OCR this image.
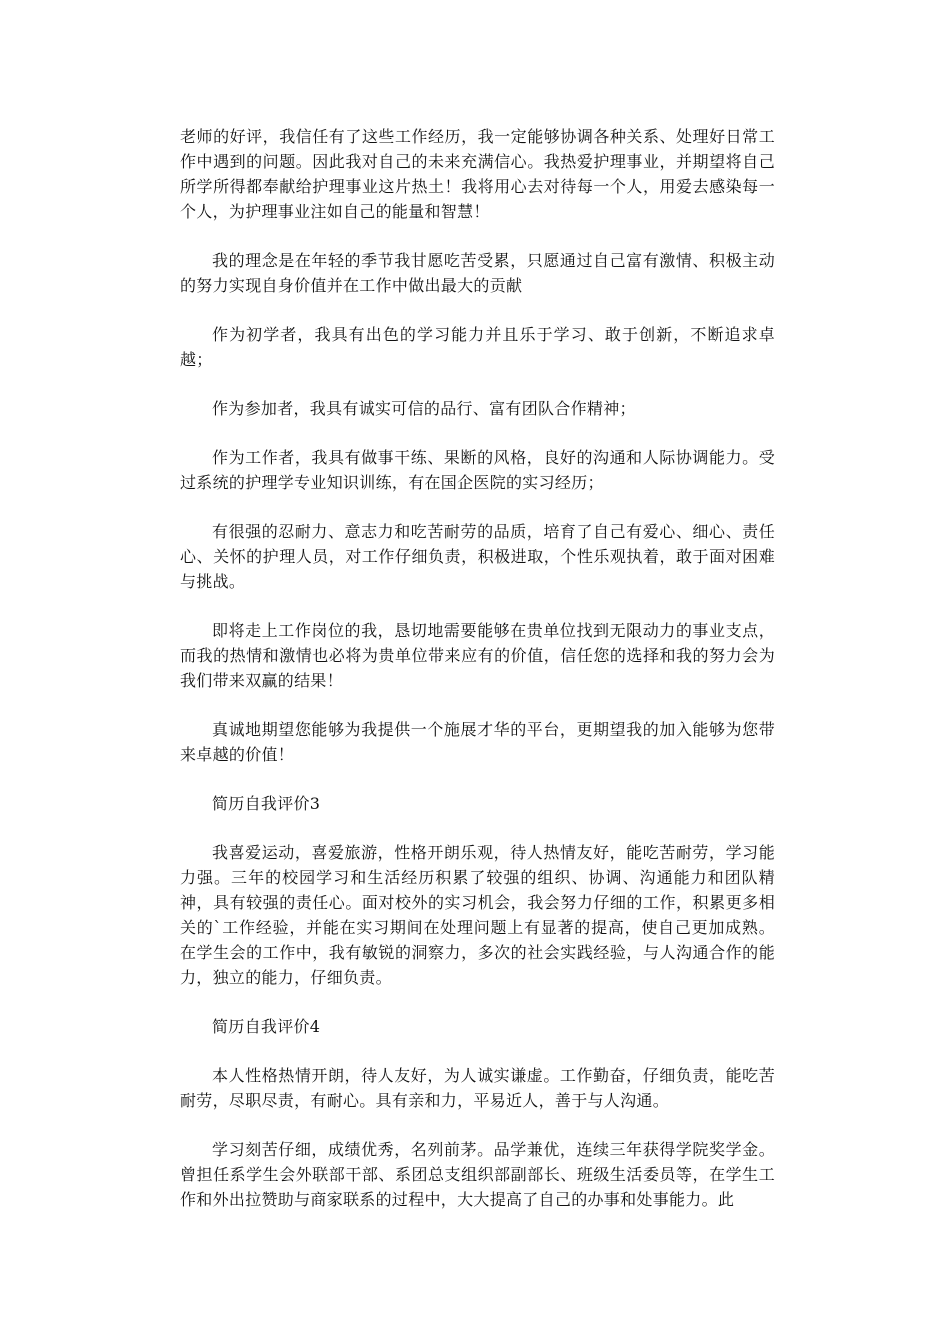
老师的好评，我信任有了这些工作经历，我一定能够协调各种关系、处理好日常工作中遇到的问题。因此我对自己的未来充满信心。我热爱护理事业，并期望将自己所学所得都奉献给护理事业这片热土！我将用心去对待每一个人，用爱去感染每一个人，为护理事业注如自己的能量和智慧！

我的理念是在年轻的季节我甘愿吃苦受累，只愿通过自己富有激情、积极主动的努力实现自身价值并在工作中做出最大的贡献

作为初学者，我具有出色的学习能力并且乐于学习、敢于创新，不断追求卓越；

作为参加者，我具有诚实可信的品行、富有团队合作精神；

作为工作者，我具有做事干练、果断的风格，良好的沟通和人际协调能力。受过系统的护理学专业知识训练，有在国企医院的实习经历；

有很强的忍耐力、意志力和吃苦耐劳的品质，培育了自己有爱心、细心、责任心、关怀的护理人员，对工作仔细负责，积极进取，个性乐观执着，敢于面对困难与挑战。

即将走上工作岗位的我，恳切地需要能够在贵单位找到无限动力的事业支点，而我的热情和激情也必将为贵单位带来应有的价值，信任您的选择和我的努力会为我们带来双赢的结果！

真诚地期望您能够为我提供一个施展才华的平台，更期望我的加入能够为您带来卓越的价值！

简历自我评价3

我喜爱运动，喜爱旅游，性格开朗乐观，待人热情友好，能吃苦耐劳，学习能力强。三年的校园学习和生活经历积累了较强的组织、协调、沟通能力和团队精神，具有较强的责任心。面对校外的实习机会，我会努力仔细的工作，积累更多相关的`工作经验，并能在实习期间在处理问题上有显著的提高，使自己更加成熟。在学生会的工作中，我有敏锐的洞察力，多次的社会实践经验，与人沟通合作的能力，独立的能力，仔细负责。

简历自我评价4

本人性格热情开朗，待人友好，为人诚实谦虚。工作勤奋，仔细负责，能吃苦耐劳，尽职尽责，有耐心。具有亲和力，平易近人，善于与人沟通。

学习刻苦仔细，成绩优秀，名列前茅。品学兼优，连续三年获得学院奖学金。曾担任系学生会外联部干部、系团总支组织部副部长、班级生活委员等，在学生工作和外出拉赞助与商家联系的过程中，大大提高了自己的办事和处事能力。此
